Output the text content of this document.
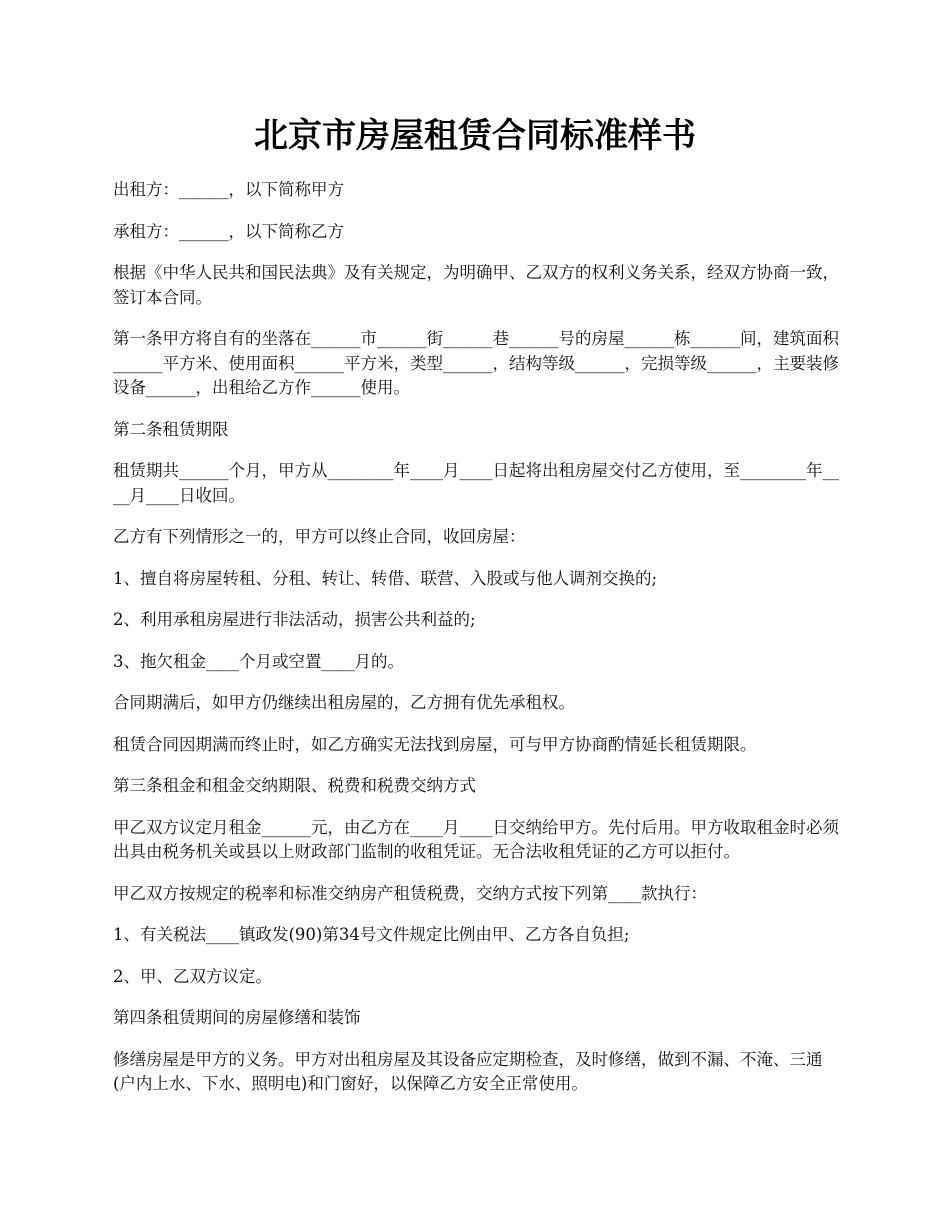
北京市房屋租赁合同标准样书

出租方：______，以下简称甲方

承租方：______，以下简称乙方

根据《中华人民共和国民法典》及有关规定，为明确甲、乙双方的权利义务关系，经双方协商一致，签订本合同。

第一条甲方将自有的坐落在______市______街______巷______号的房屋______栋______间，建筑面积______平方米、使用面积______平方米，类型______，结构等级______，完损等级______，主要装修设备______，出租给乙方作______使用。

第二条租赁期限

租赁期共______个月，甲方从________年____月____日起将出租房屋交付乙方使用，至________年____月____日收回。

乙方有下列情形之一的，甲方可以终止合同，收回房屋：

1、擅自将房屋转租、分租、转让、转借、联营、入股或与他人调剂交换的;

2、利用承租房屋进行非法活动，损害公共利益的;

3、拖欠租金____个月或空置____月的。

合同期满后，如甲方仍继续出租房屋的，乙方拥有优先承租权。

租赁合同因期满而终止时，如乙方确实无法找到房屋，可与甲方协商酌情延长租赁期限。

第三条租金和租金交纳期限、税费和税费交纳方式

甲乙双方议定月租金______元，由乙方在____月____日交纳给甲方。先付后用。甲方收取租金时必须出具由税务机关或县以上财政部门监制的收租凭证。无合法收租凭证的乙方可以拒付。

甲乙双方按规定的税率和标准交纳房产租赁税费，交纳方式按下列第____款执行：

1、有关税法____镇政发(90)第34号文件规定比例由甲、乙方各自负担;

2、甲、乙双方议定。

第四条租赁期间的房屋修缮和装饰

修缮房屋是甲方的义务。甲方对出租房屋及其设备应定期检查，及时修缮，做到不漏、不淹、三通(户内上水、下水、照明电)和门窗好，以保障乙方安全正常使用。
